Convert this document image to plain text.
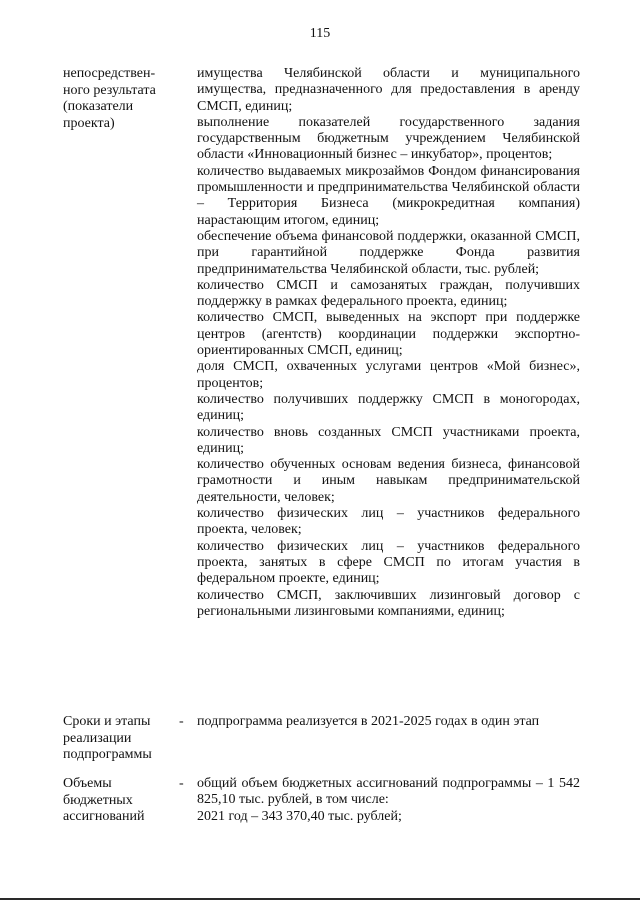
115
непосредствен-
ного результата
(показатели
проекта)

имущества Челябинской области и муниципального имущества, предназначенного для предоставления в аренду СМСП, единиц;

выполнение показателей государственного задания государственным бюджетным учреждением Челябинской области «Инновационный бизнес – инкубатор», процентов;

количество выдаваемых микрозаймов Фондом финансирования промышленности и предпринимательства Челябинской области – Территория Бизнеса (микрокредитная компания) нарастающим итогом, единиц;

обеспечение объема финансовой поддержки, оказанной СМСП, при гарантийной поддержке Фонда развития предпринимательства Челябинской области, тыс. рублей;

количество СМСП и самозанятых граждан, получивших поддержку в рамках федерального проекта, единиц;

количество СМСП, выведенных на экспорт при поддержке центров (агентств) координации поддержки экспортно-ориентированных СМСП, единиц;

доля СМСП, охваченных услугами центров «Мой бизнес», процентов;

количество получивших поддержку СМСП в моногородах, единиц;

количество вновь созданных СМСП участниками проекта, единиц;

количество обученных основам ведения бизнеса, финансовой грамотности и иным навыкам предпринимательской деятельности, человек;

количество физических лиц – участников федерального проекта, человек;

количество физических лиц – участников федерального проекта, занятых в сфере СМСП по итогам участия в федеральном проекте, единиц;

количество СМСП, заключивших лизинговый договор с региональными лизинговыми компаниями, единиц;

Сроки и этапы
реализации
подпрограммы
- подпрограмма реализуется в 2021-2025 годах в один этап

Объемы
бюджетных
ассигнований
- общий объем бюджетных ассигнований подпрограммы – 1 542 825,10 тыс. рублей, в том числе:

2021 год – 343 370,40 тыс. рублей;
